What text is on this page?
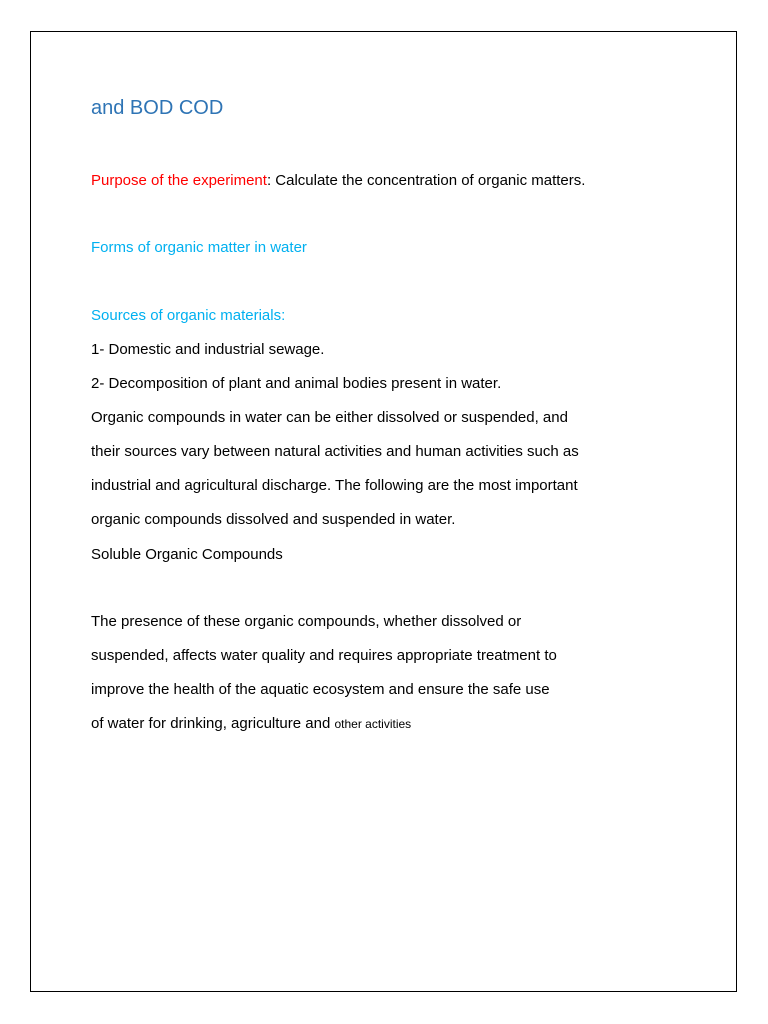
and BOD COD
Purpose of the experiment: Calculate the concentration of organic matters.
Forms of organic matter in water
Sources of organic materials:
1- Domestic and industrial sewage.
2- Decomposition of plant and animal bodies present in water.
Organic compounds in water can be either dissolved or suspended, and
their sources vary between natural activities and human activities such as
industrial and agricultural discharge. The following are the most important
organic compounds dissolved and suspended in water.
Soluble Organic Compounds
The presence of these organic compounds, whether dissolved or
suspended, affects water quality and requires appropriate treatment to
improve the health of the aquatic ecosystem and ensure the safe use
of water for drinking, agriculture and other activities
